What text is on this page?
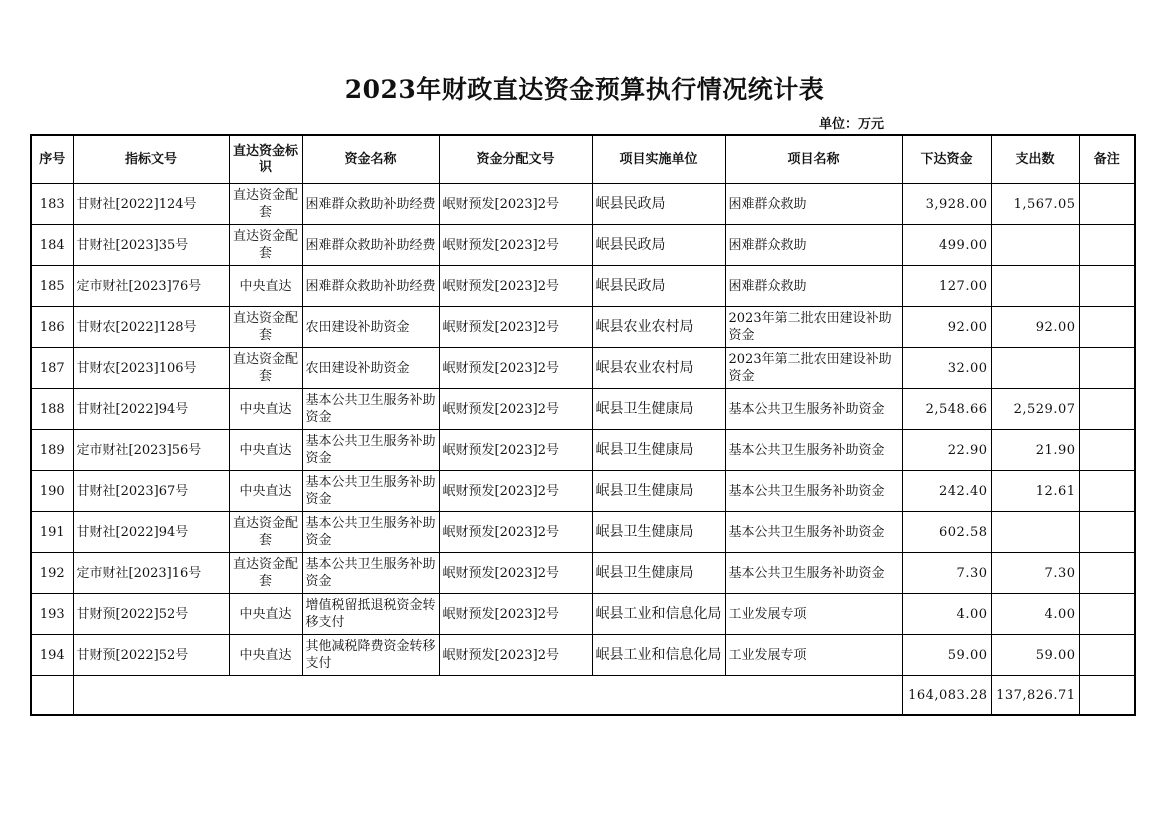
2023年财政直达资金预算执行情况统计表
单位：万元
序号	指标文号	直达资金标识	资金名称	资金分配文号	项目实施单位	项目名称	下达资金	支出数	备注
183	甘财社[2022]124号	直达资金配套	困难群众救助补助经费	岷财预发[2023]2号	岷县民政局	困难群众救助	3,928.00	1,567.05	
184	甘财社[2023]35号	直达资金配套	困难群众救助补助经费	岷财预发[2023]2号	岷县民政局	困难群众救助	499.00		
185	定市财社[2023]76号	中央直达	困难群众救助补助经费	岷财预发[2023]2号	岷县民政局	困难群众救助	127.00		
186	甘财农[2022]128号	直达资金配套	农田建设补助资金	岷财预发[2023]2号	岷县农业农村局	2023年第二批农田建设补助资金	92.00	92.00	
187	甘财农[2023]106号	直达资金配套	农田建设补助资金	岷财预发[2023]2号	岷县农业农村局	2023年第二批农田建设补助资金	32.00		
188	甘财社[2022]94号	中央直达	基本公共卫生服务补助资金	岷财预发[2023]2号	岷县卫生健康局	基本公共卫生服务补助资金	2,548.66	2,529.07	
189	定市财社[2023]56号	中央直达	基本公共卫生服务补助资金	岷财预发[2023]2号	岷县卫生健康局	基本公共卫生服务补助资金	22.90	21.90	
190	甘财社[2023]67号	中央直达	基本公共卫生服务补助资金	岷财预发[2023]2号	岷县卫生健康局	基本公共卫生服务补助资金	242.40	12.61	
191	甘财社[2022]94号	直达资金配套	基本公共卫生服务补助资金	岷财预发[2023]2号	岷县卫生健康局	基本公共卫生服务补助资金	602.58		
192	定市财社[2023]16号	直达资金配套	基本公共卫生服务补助资金	岷财预发[2023]2号	岷县卫生健康局	基本公共卫生服务补助资金	7.30	7.30	
193	甘财预[2022]52号	中央直达	增值税留抵退税资金转移支付	岷财预发[2023]2号	岷县工业和信息化局	工业发展专项	4.00	4.00	
194	甘财预[2022]52号	中央直达	其他减税降费资金转移支付	岷财预发[2023]2号	岷县工业和信息化局	工业发展专项	59.00	59.00	
							164,083.28	137,826.71	
